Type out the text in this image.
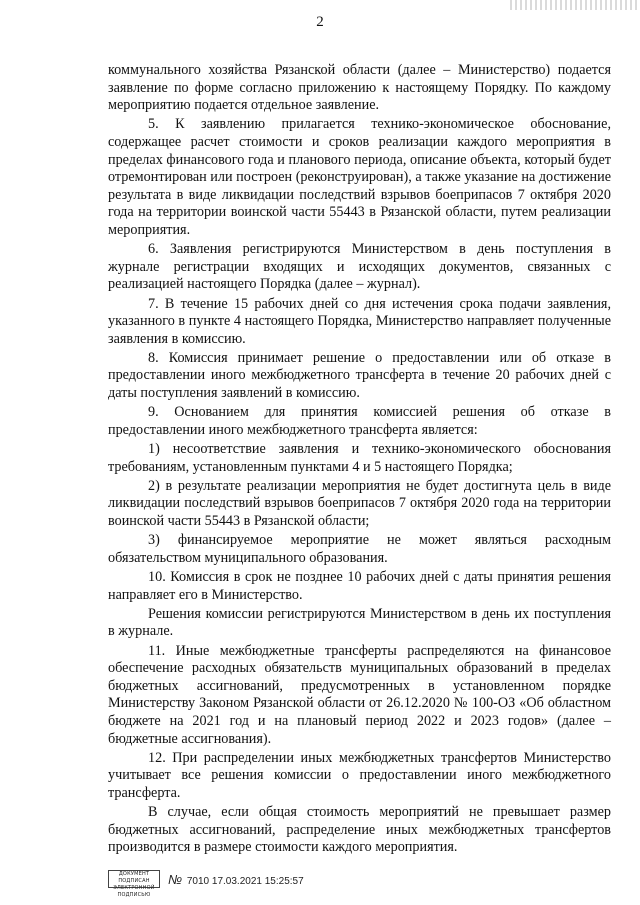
2

коммунального хозяйства Рязанской области (далее – Министерство) подается заявление по форме согласно приложению к настоящему Порядку. По каждому мероприятию подается отдельное заявление.

5. К заявлению прилагается технико-экономическое обоснование, содержащее расчет стоимости и сроков реализации каждого мероприятия в пределах финансового года и планового периода, описание объекта, который будет отремонтирован или построен (реконструирован), а также указание на достижение результата в виде ликвидации последствий взрывов боеприпасов 7 октября 2020 года на территории воинской части 55443 в Рязанской области, путем реализации мероприятия.

6. Заявления регистрируются Министерством в день поступления в журнале регистрации входящих и исходящих документов, связанных с реализацией настоящего Порядка (далее – журнал).

7. В течение 15 рабочих дней со дня истечения срока подачи заявления, указанного в пункте 4 настоящего Порядка, Министерство направляет полученные заявления в комиссию.

8. Комиссия принимает решение о предоставлении или об отказе в предоставлении иного межбюджетного трансферта в течение 20 рабочих дней с даты поступления заявлений в комиссию.

9. Основанием для принятия комиссией решения об отказе в предоставлении иного межбюджетного трансферта является:

1) несоответствие заявления и технико-экономического обоснования требованиям, установленным пунктами 4 и 5 настоящего Порядка;

2) в результате реализации мероприятия не будет достигнута цель в виде ликвидации последствий взрывов боеприпасов 7 октября 2020 года на территории воинской части 55443 в Рязанской области;

3) финансируемое мероприятие не может являться расходным обязательством муниципального образования.

10. Комиссия в срок не позднее 10 рабочих дней с даты принятия решения направляет его в Министерство.

Решения комиссии регистрируются Министерством в день их поступления в журнале.

11. Иные межбюджетные трансферты распределяются на финансовое обеспечение расходных обязательств муниципальных образований в пределах бюджетных ассигнований, предусмотренных в установленном порядке Министерству Законом Рязанской области от 26.12.2020 № 100-ОЗ «Об областном бюджете на 2021 год и на плановый период 2022 и 2023 годов» (далее – бюджетные ассигнования).

12. При распределении иных межбюджетных трансфертов Министерство учитывает все решения комиссии о предоставлении иного межбюджетного трансферта.

В случае, если общая стоимость мероприятий не превышает размер бюджетных ассигнований, распределение иных межбюджетных трансфертов производится в размере стоимости каждого мероприятия.

ДОКУМЕНТ ПОДПИСАН ЭЛЕКТРОННОЙ ПОДПИСЬЮ
№ 7010 17.03.2021 15:25:57
